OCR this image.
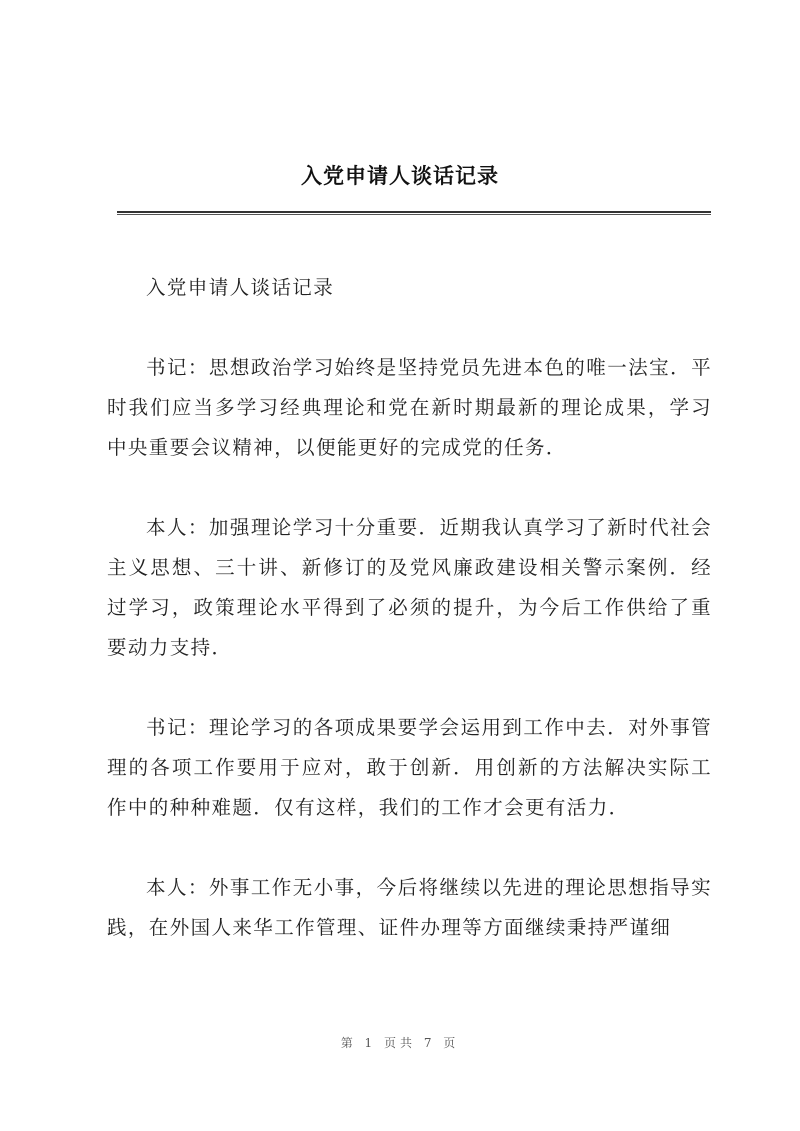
入党申请人谈话记录

入党申请人谈话记录

书记：思想政治学习始终是坚持党员先进本色的唯一法宝．平时我们应当多学习经典理论和党在新时期最新的理论成果，学习中央重要会议精神，以便能更好的完成党的任务．

本人：加强理论学习十分重要．近期我认真学习了新时代社会主义思想、三十讲、新修订的及党风廉政建设相关警示案例．经过学习，政策理论水平得到了必须的提升，为今后工作供给了重要动力支持．

书记：理论学习的各项成果要学会运用到工作中去．对外事管理的各项工作要用于应对，敢于创新．用创新的方法解决实际工作中的种种难题．仅有这样，我们的工作才会更有活力．

本人：外事工作无小事，今后将继续以先进的理论思想指导实践，在外国人来华工作管理、证件办理等方面继续秉持严谨细

第 1 页共 7 页
